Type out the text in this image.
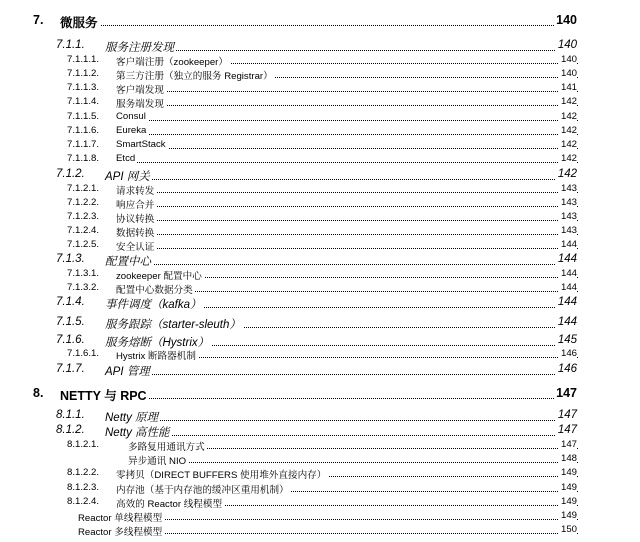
7. 微服务	140
7.1.1. 服务注册发现	140
7.1.1.1. 客户端注册（zookeeper）	140
7.1.1.2. 第三方注册（独立的服务 Registrar）	140
7.1.1.3. 客户端发现	141
7.1.1.4. 服务端发现	142
7.1.1.5. Consul	142
7.1.1.6. Eureka	142
7.1.1.7. SmartStack	142
7.1.1.8. Etcd	142
7.1.2. API 网关	142
7.1.2.1. 请求转发	143
7.1.2.2. 响应合并	143
7.1.2.3. 协议转换	143
7.1.2.4. 数据转换	143
7.1.2.5. 安全认证	144
7.1.3. 配置中心	144
7.1.3.1. zookeeper 配置中心	144
7.1.3.2. 配置中心数据分类	144
7.1.4. 事件调度（kafka）	144
7.1.5. 服务跟踪（starter-sleuth）	144
7.1.6. 服务熔断（Hystrix）	145
7.1.6.1. Hystrix 断路器机制	146
7.1.7. API 管理	146
8. NETTY 与 RPC	147
8.1.1. Netty 原理	147
8.1.2. Netty 高性能	147
8.1.2.1.	多路复用通讯方式	147
异步通讯 NIO	148
8.1.2.2. 零拷贝（DIRECT BUFFERS 使用堆外直接内存）	149
8.1.2.3. 内存池（基于内存池的缓冲区重用机制）	149
8.1.2.4. 高效的 Reactor 线程模型	149
Reactor 单线程模型	149
Reactor 多线程模型	150
